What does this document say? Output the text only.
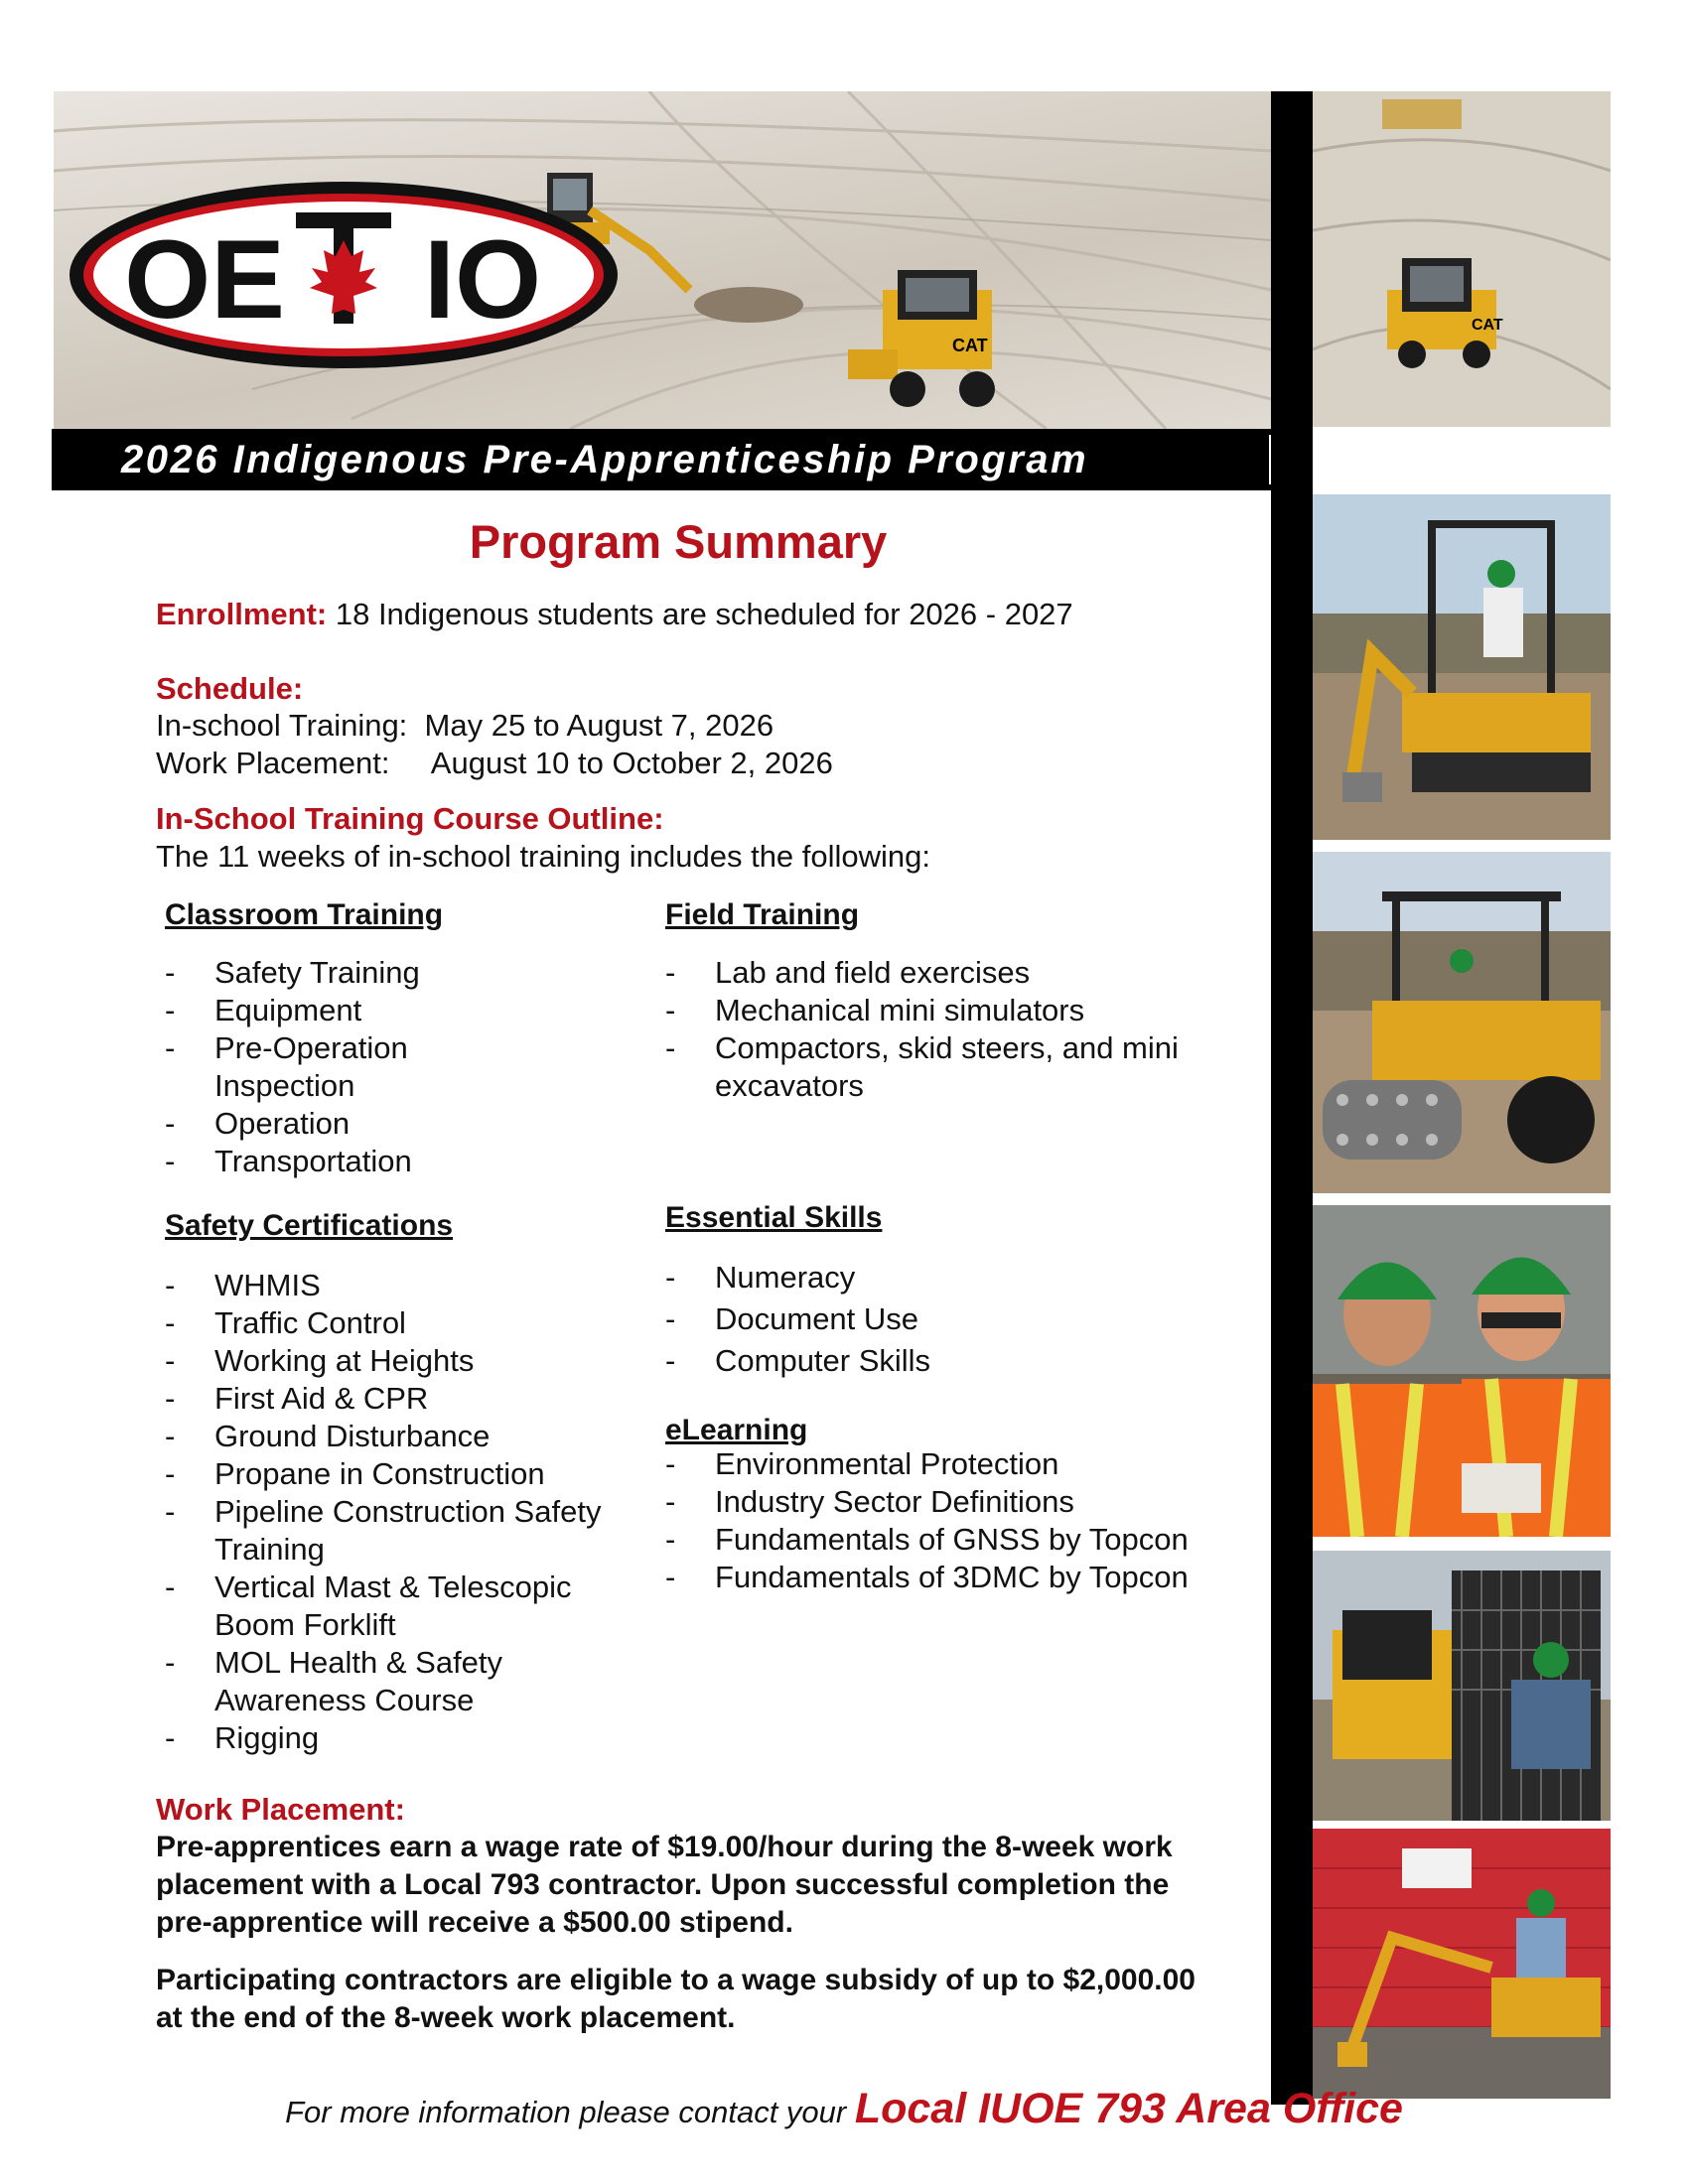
CAT
OE IO
2026 Indigenous Pre-Apprenticeship Program
CAT
Program Summary
Enrollment: 18 Indigenous students are scheduled for 2026 - 2027
Schedule:
In-school Training:  May 25 to August 7, 2026
Work Placement:     August 10 to October 2, 2026
In-School Training Course Outline:
The 11 weeks of in-school training includes the following:
Classroom Training
- Safety Training
- Equipment
- Pre-Operation Inspection
- Operation
- Transportation
Field Training
- Lab and field exercises
- Mechanical mini simulators
- Compactors, skid steers, and mini excavators
Safety Certifications
- WHMIS
- Traffic Control
- Working at Heights
- First Aid & CPR
- Ground Disturbance
- Propane in Construction
- Pipeline Construction Safety Training
- Vertical Mast & Telescopic Boom Forklift
- MOL Health & Safety Awareness Course
- Rigging
Essential Skills
- Numeracy
- Document Use
- Computer Skills
eLearning
- Environmental Protection
- Industry Sector Definitions
- Fundamentals of GNSS by Topcon
- Fundamentals of 3DMC by Topcon
Work Placement:
Pre-apprentices earn a wage rate of $19.00/hour during the 8-week work placement with a Local 793 contractor. Upon successful completion the pre-apprentice will receive a $500.00 stipend.
Participating contractors are eligible to a wage subsidy of up to $2,000.00 at the end of the 8-week work placement.
For more information please contact your Local IUOE 793 Area Office
